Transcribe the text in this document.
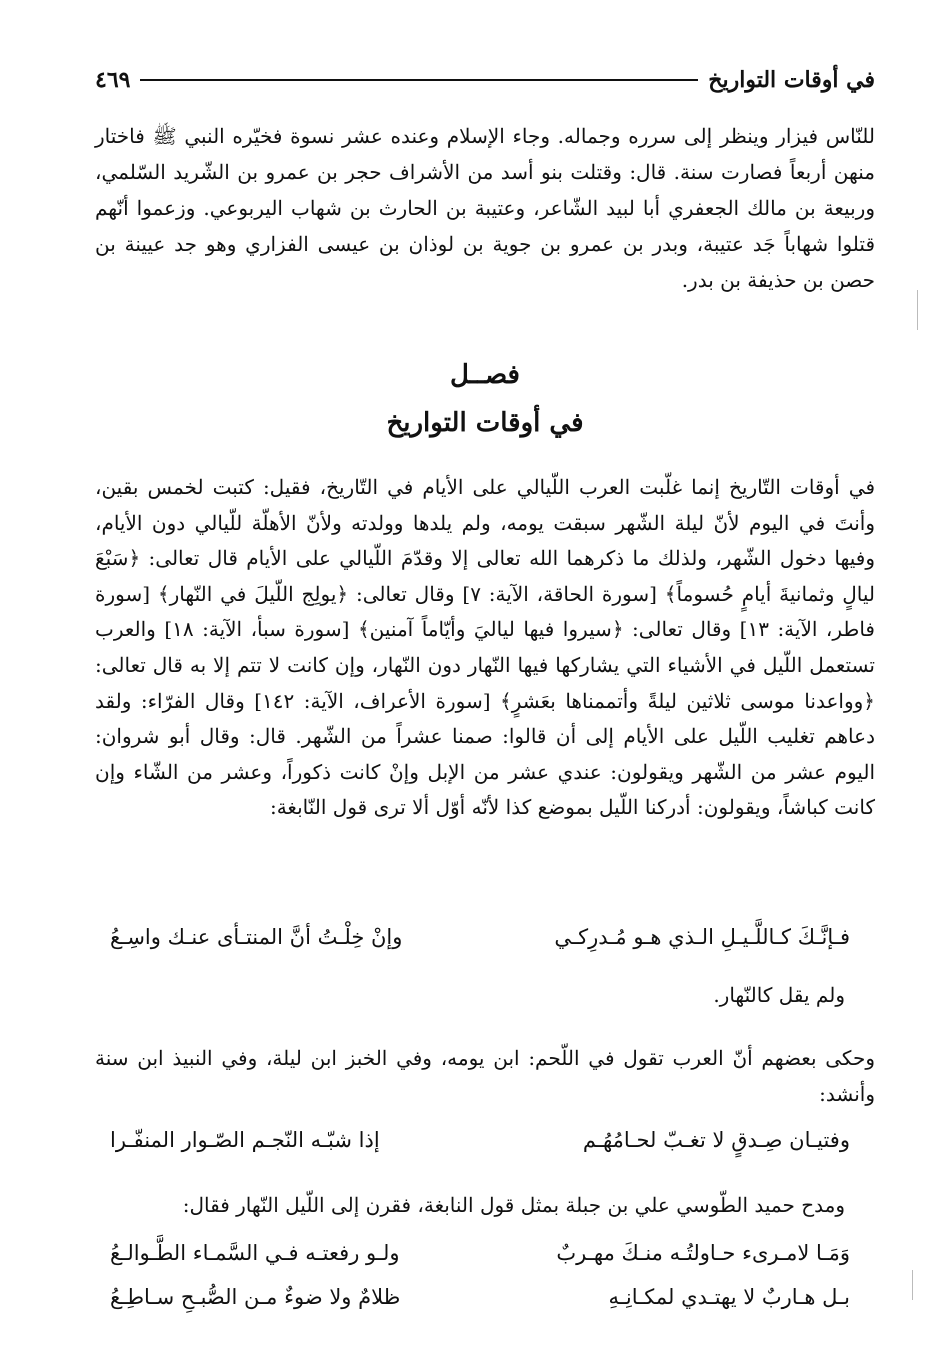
في أوقات التواريخ
٤٦٩
للنّاس فيزار وينظر إلى سرره وجماله. وجاء الإسلام وعنده عشر نسوة فخيّره النبي ﷺ فاختار منهن أربعاً فصارت سنة. قال: وقتلت بنو أسد من الأشراف حجر بن عمرو بن الشّريد السّلمي، وربيعة بن مالك الجعفري أبا لبيد الشّاعر، وعتيبة بن الحارث بن شهاب اليربوعي. وزعموا أنّهم قتلوا شهاباً جَد عتيبة، وبدر بن عمرو بن جوية بن لوذان بن عيسى الفزاري وهو جد عيينة بن حصن بن حذيفة بن بدر.
فصــل
في أوقات التواريخ
في أوقات التّاريخ إنما غلّبت العرب اللّيالي على الأيام في التّاريخ، فقيل: كتبت لخمس بقين، وأنتَ في اليوم لأنّ ليلة الشّهر سبقت يومه، ولم يلدها وولدته ولأنّ الأهلّة للّيالي دون الأيام، وفيها دخول الشّهر، ولذلك ما ذكرهما الله تعالى إلا وقدّمَ اللّيالي على الأيام قال تعالى: ﴿سَبْعَ ليالٍ وثمانيةَ أيامٍ حُسوماً﴾ [سورة الحاقة، الآية: ٧] وقال تعالى: ﴿يولِج اللّيلَ في النّهار﴾ [سورة فاطر، الآية: ١٣] وقال تعالى: ﴿سيروا فيها لياليَ وأيّاماً آمنين﴾ [سورة سبأ، الآية: ١٨] والعرب تستعمل اللّيل في الأشياء التي يشاركها فيها النّهار دون النّهار، وإن كانت لا تتم إلا به قال تعالى: ﴿وواعدنا موسى ثلاثين ليلةً وأتممناها بعَشرٍ﴾ [سورة الأعراف، الآية: ١٤٢] وقال الفرّاء: ولقد دعاهم تغليب اللّيل على الأيام إلى أن قالوا: صمنا عشراً من الشّهر. قال: وقال أبو شروان: اليوم عشر من الشّهر ويقولون: عندي عشر من الإبل وإنْ كانت ذكوراً، وعشر من الشّاء وإن كانت كباشاً، ويقولون: أدركنا اللّيل بموضع كذا لأنّه أوّل ألا ترى قول النّابغة:
فـإنَّـكَ كـاللَّـيـلِ الـذي هـو مُـدرِكـي
وإنْ خِلْـتُ أنَّ المنتـأى عنـك واسِـعُ
ولم يقل كالنّهار.
وحكى بعضهم أنّ العرب تقول في اللّحم: ابن يومه، وفي الخبز ابن ليلة، وفي النبيذ ابن سنة وأنشد:
وفتيـان صِـدقٍ لا تغـبّ لحـامُهُـم
إذا شبّـه النّجـم الصّـوار المنفّـرا
ومدح حميد الطّوسي علي بن جبلة بمثل قول النابغة، فقرن إلى اللّيل النّهار فقال:
وَمَـا لامـرىء حـاولتُـه منـكَ مهـربٌ
ولـو رفعتـه فـي السَّمـاء الطَّـوالـعُ
بـل هـاربٌ لا يهتـدي لمكـانِـهِ
ظلامٌ ولا ضوءٌ مـن الصُّبـحِ سـاطِـعُ
